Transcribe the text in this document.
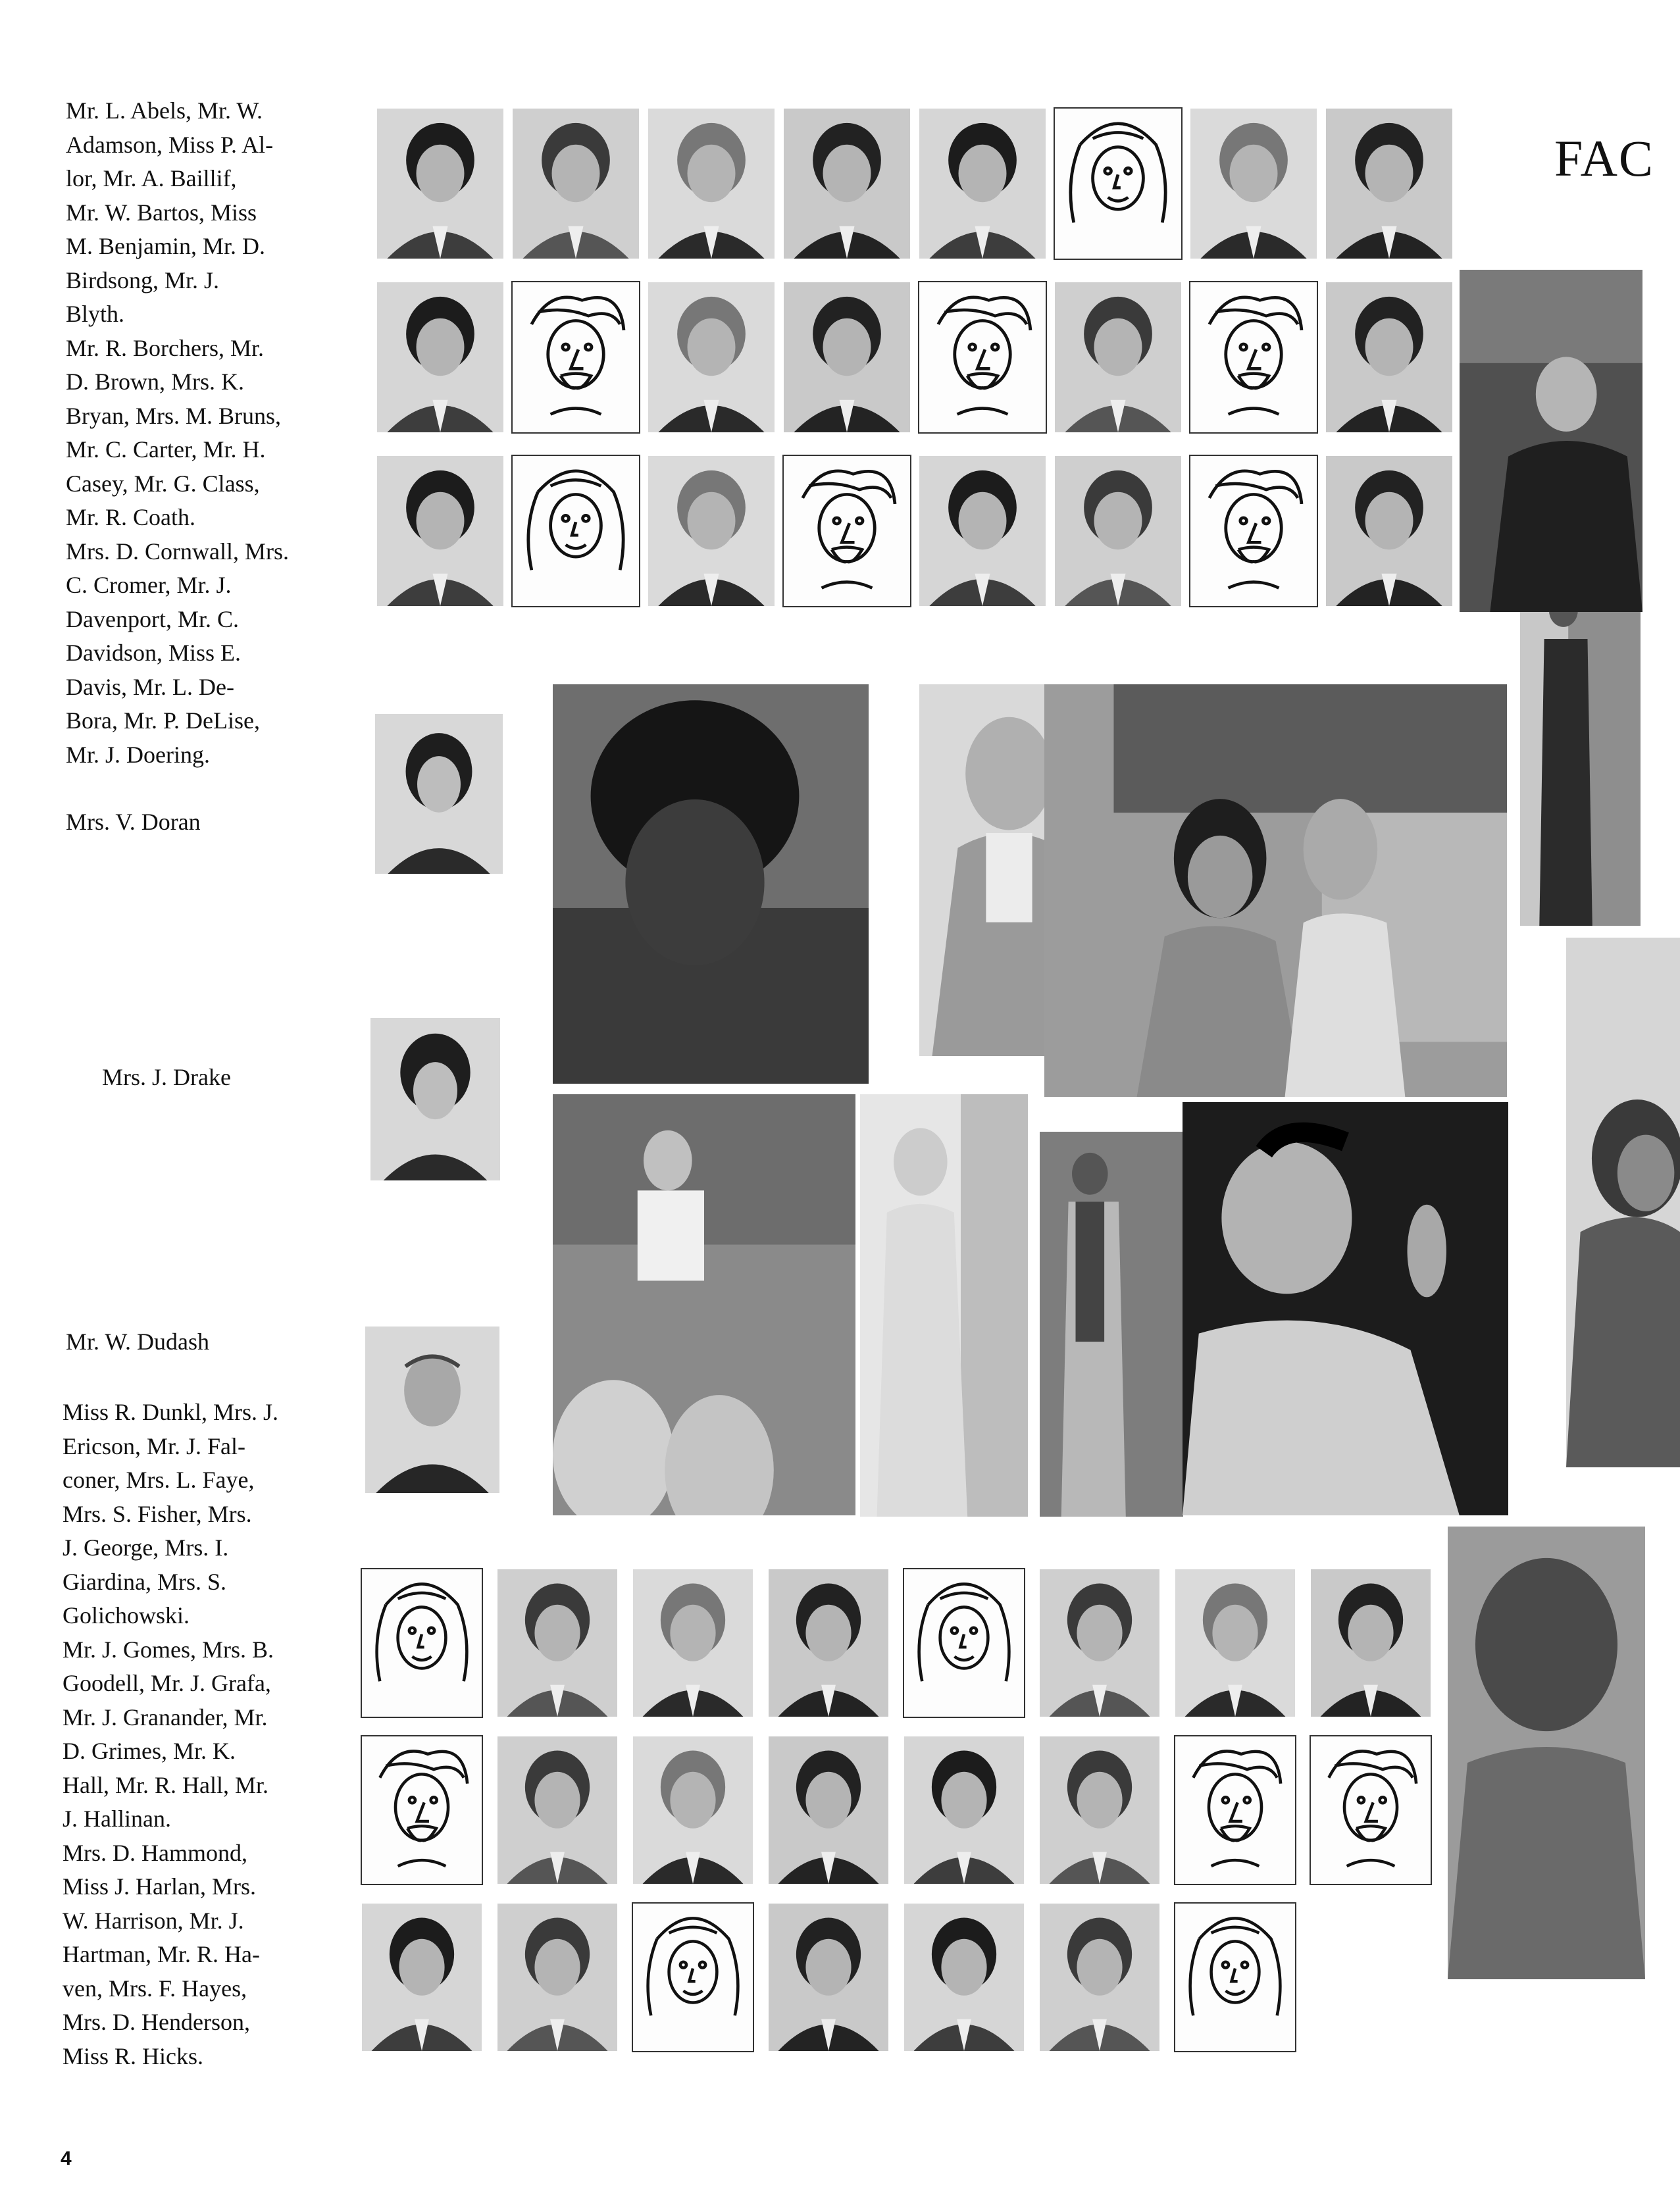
Mr. L. Abels, Mr. W.
Adamson, Miss P. Al-
lor, Mr. A. Baillif,
Mr. W. Bartos, Miss
M. Benjamin, Mr. D.
Birdsong, Mr. J.
Blyth.
Mr. R. Borchers, Mr.
D. Brown, Mrs. K.
Bryan, Mrs. M. Bruns,
Mr. C. Carter, Mr. H.
Casey, Mr. G. Class,
Mr. R. Coath.
Mrs. D. Cornwall, Mrs.
C. Cromer, Mr. J.
Davenport, Mr. C.
Davidson, Miss E.
Davis, Mr. L. De-
Bora, Mr. P. DeLise,
Mr. J. Doering.
Mrs. V. Doran
Mrs. J. Drake
Mr. W. Dudash
Miss R. Dunkl, Mrs. J.
Ericson, Mr. J. Fal-
coner, Mrs. L. Faye,
Mrs. S. Fisher, Mrs.
J. George, Mrs. I.
Giardina, Mrs. S.
Golichowski.
Mr. J. Gomes, Mrs. B.
Goodell, Mr. J. Grafa,
Mr. J. Granander, Mr.
D. Grimes, Mr. K.
Hall, Mr. R. Hall, Mr.
J. Hallinan.
Mrs. D. Hammond,
Miss J. Harlan, Mrs.
W. Harrison, Mr. J.
Hartman, Mr. R. Ha-
ven, Mrs. F. Hayes,
Mrs. D. Henderson,
Miss R. Hicks.
FAC
4
